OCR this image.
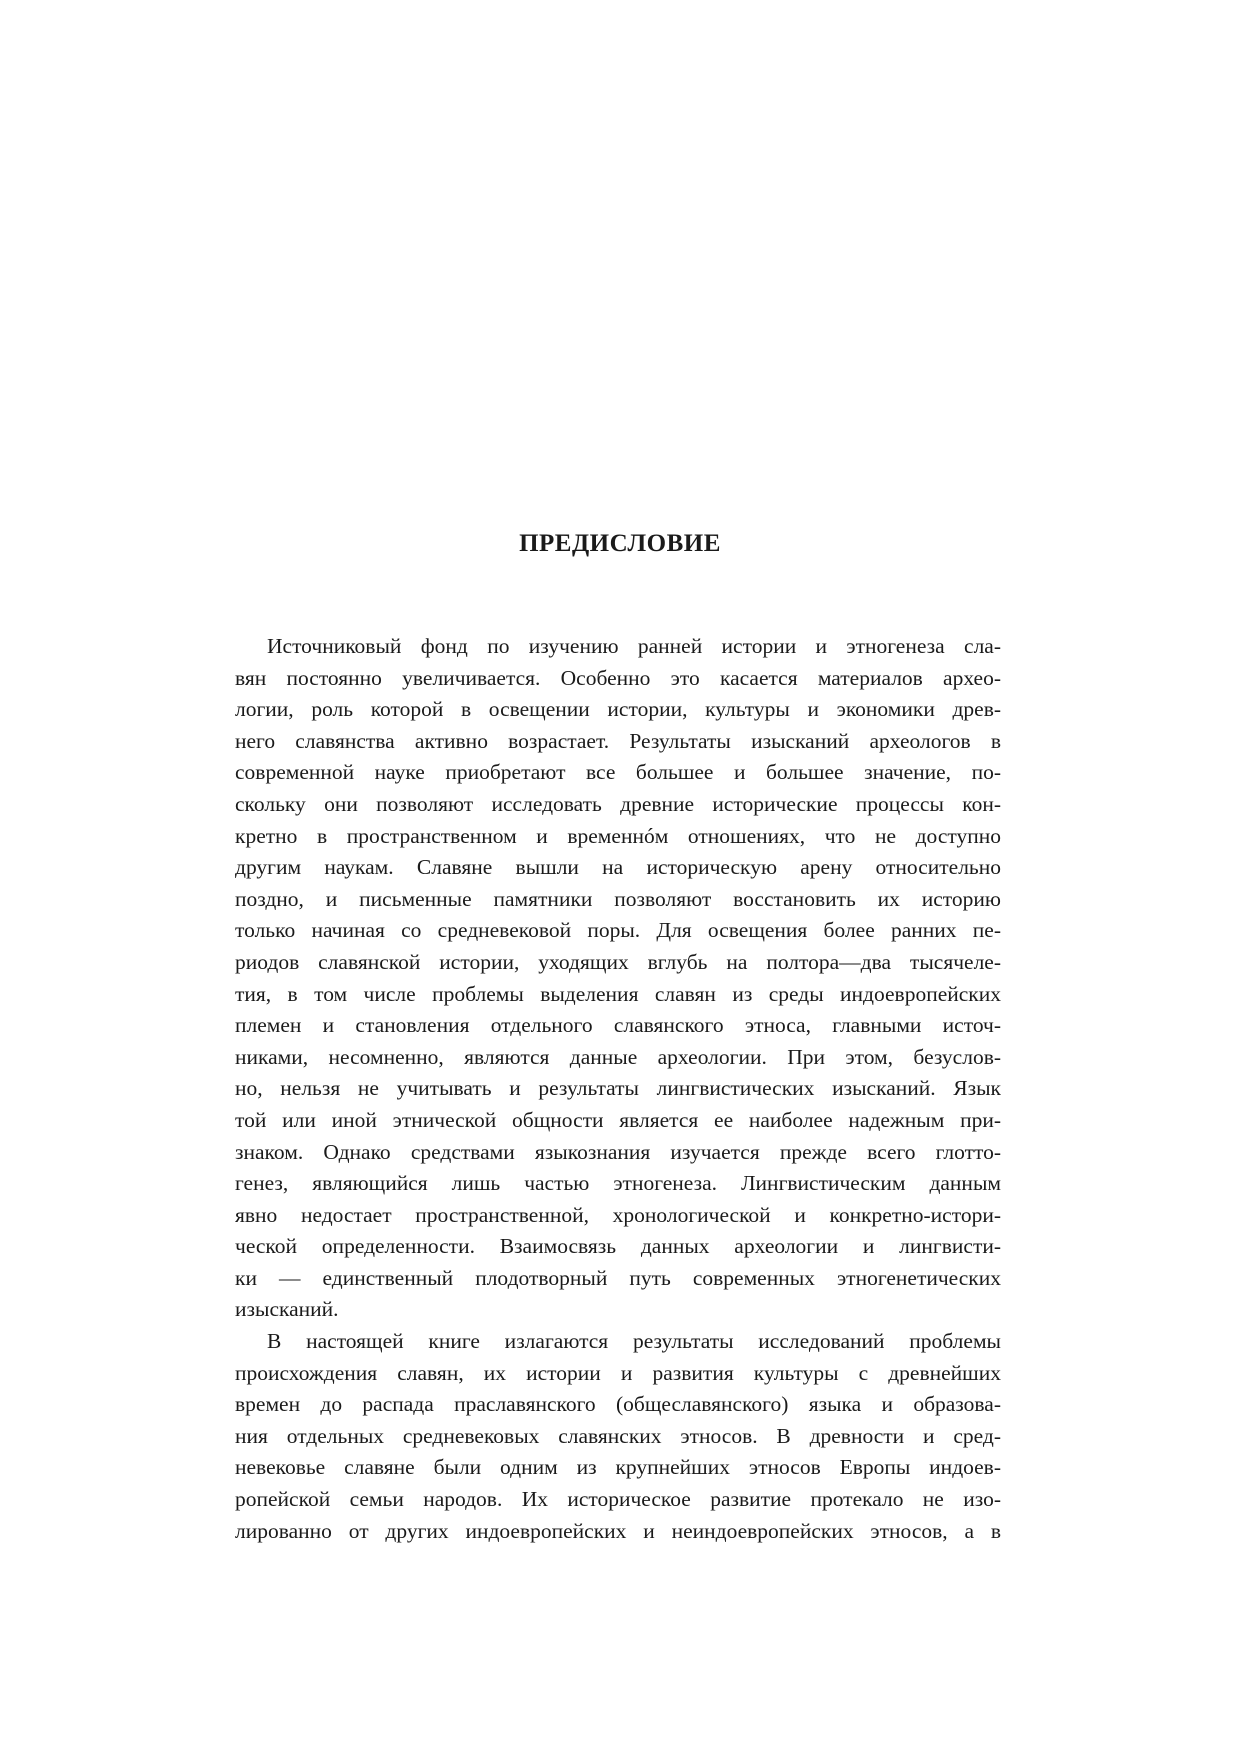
ПРЕДИСЛОВИЕ
Источниковый фонд по изучению ранней истории и этногенеза сла-
вян постоянно увеличивается. Особенно это касается материалов архео-
логии, роль которой в освещении истории, культуры и экономики древ-
него славянства активно возрастает. Результаты изысканий археологов в
современной науке приобретают все большее и большее значение, по-
скольку они позволяют исследовать древние исторические процессы кон-
кретно в пространственном и временнóм отношениях, что не доступно
другим наукам. Славяне вышли на историческую арену относительно
поздно, и письменные памятники позволяют восстановить их историю
только начиная со средневековой поры. Для освещения более ранних пе-
риодов славянской истории, уходящих вглубь на полтора—два тысячеле-
тия, в том числе проблемы выделения славян из среды индоевропейских
племен и становления отдельного славянского этноса, главными источ-
никами, несомненно, являются данные археологии. При этом, безуслов-
но, нельзя не учитывать и результаты лингвистических изысканий. Язык
той или иной этнической общности является ее наиболее надежным при-
знаком. Однако средствами языкознания изучается прежде всего глотто-
генез, являющийся лишь частью этногенеза. Лингвистическим данным
явно недостает пространственной, хронологической и конкретно-истори-
ческой определенности. Взаимосвязь данных археологии и лингвисти-
ки — единственный плодотворный путь современных этногенетических
изысканий.
В настоящей книге излагаются результаты исследований проблемы
происхождения славян, их истории и развития культуры с древнейших
времен до распада праславянского (общеславянского) языка и образова-
ния отдельных средневековых славянских этносов. В древности и сред-
невековье славяне были одним из крупнейших этносов Европы индоев-
ропейской семьи народов. Их историческое развитие протекало не изо-
лированно от других индоевропейских и неиндоевропейских этносов, а в
